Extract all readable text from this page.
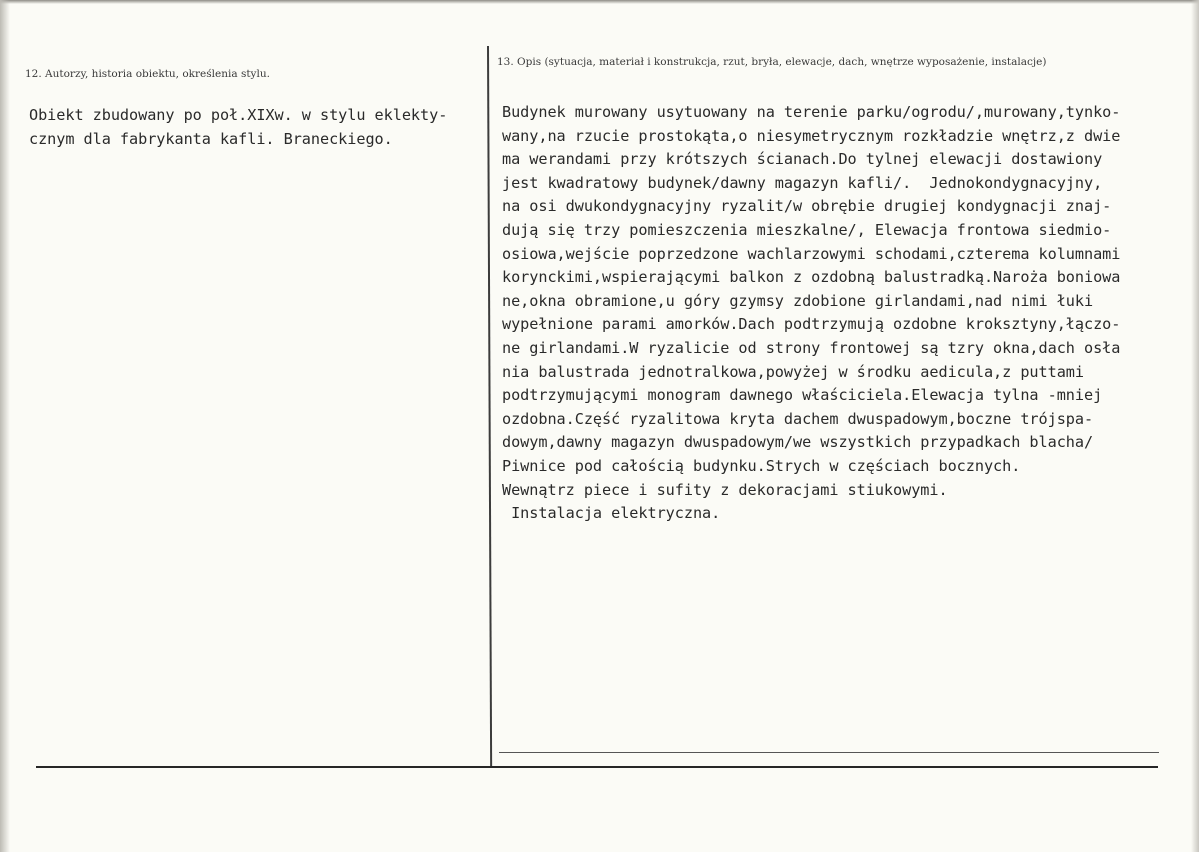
12. Autorzy, historia obiektu, określenia stylu.
13. Opis (sytuacja, materiał i konstrukcja, rzut, bryła, elewacje, dach, wnętrze wyposażenie, instalacje)
Obiekt zbudowany po poł.XIXw. w stylu eklekty-
cznym dla fabrykanta kafli. Braneckiego.
Budynek murowany usytuowany na terenie parku/ogrodu/,murowany,tynko-
wany,na rzucie prostokąta,o niesymetrycznym rozkładzie wnętrz,z dwie
ma werandami przy krótszych ścianach.Do tylnej elewacji dostawiony
jest kwadratowy budynek/dawny magazyn kafli/.  Jednokondygnacyjny,
na osi dwukondygnacyjny ryzalit/w obrębie drugiej kondygnacji znaj-
dują się trzy pomieszczenia mieszkalne/, Elewacja frontowa siedmio-
osiowa,wejście poprzedzone wachlarzowymi schodami,czterema kolumnami
korynckimi,wspierającymi balkon z ozdobną balustradką.Naroża boniowa
ne,okna obramione,u góry gzymsy zdobione girlandami,nad nimi łuki
wypełnione parami amorków.Dach podtrzymują ozdobne kroksztyny,łączo-
ne girlandami.W ryzalicie od strony frontowej są tzry okna,dach osła
nia balustrada jednotralkowa,powyżej w środku aedicula,z puttami
podtrzymującymi monogram dawnego właściciela.Elewacja tylna -mniej
ozdobna.Część ryzalitowa kryta dachem dwuspadowym,boczne trójspa-
dowym,dawny magazyn dwuspadowym/we wszystkich przypadkach blacha/
Piwnice pod całością budynku.Strych w częściach bocznych.
Wewnątrz piece i sufity z dekoracjami stiukowymi.
Instalacja elektryczna.
